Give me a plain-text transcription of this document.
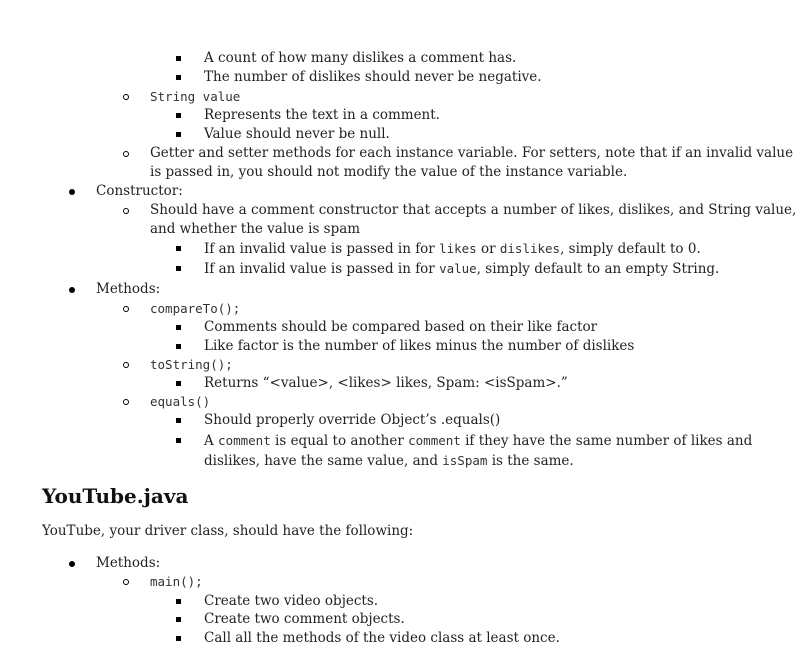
A count of how many dislikes a comment has.
The number of dislikes should never be negative.
String value
Represents the text in a comment.
Value should never be null.
Getter and setter methods for each instance variable. For setters, note that if an invalid value
is passed in, you should not modify the value of the instance variable.
Constructor:
Should have a comment constructor that accepts a number of likes, dislikes, and String value,
and whether the value is spam
If an invalid value is passed in for likes or dislikes, simply default to 0.
If an invalid value is passed in for value, simply default to an empty String.
Methods:
compareTo();
Comments should be compared based on their like factor
Like factor is the number of likes minus the number of dislikes
toString();
Returns “<value>, <likes> likes, Spam: <isSpam>.”
equals()
Should properly override Object’s .equals()
A comment is equal to another comment if they have the same number of likes and
dislikes, have the same value, and isSpam is the same.
YouTube.java
YouTube, your driver class, should have the following:
Methods:
main();
Create two video objects.
Create two comment objects.
Call all the methods of the video class at least once.
